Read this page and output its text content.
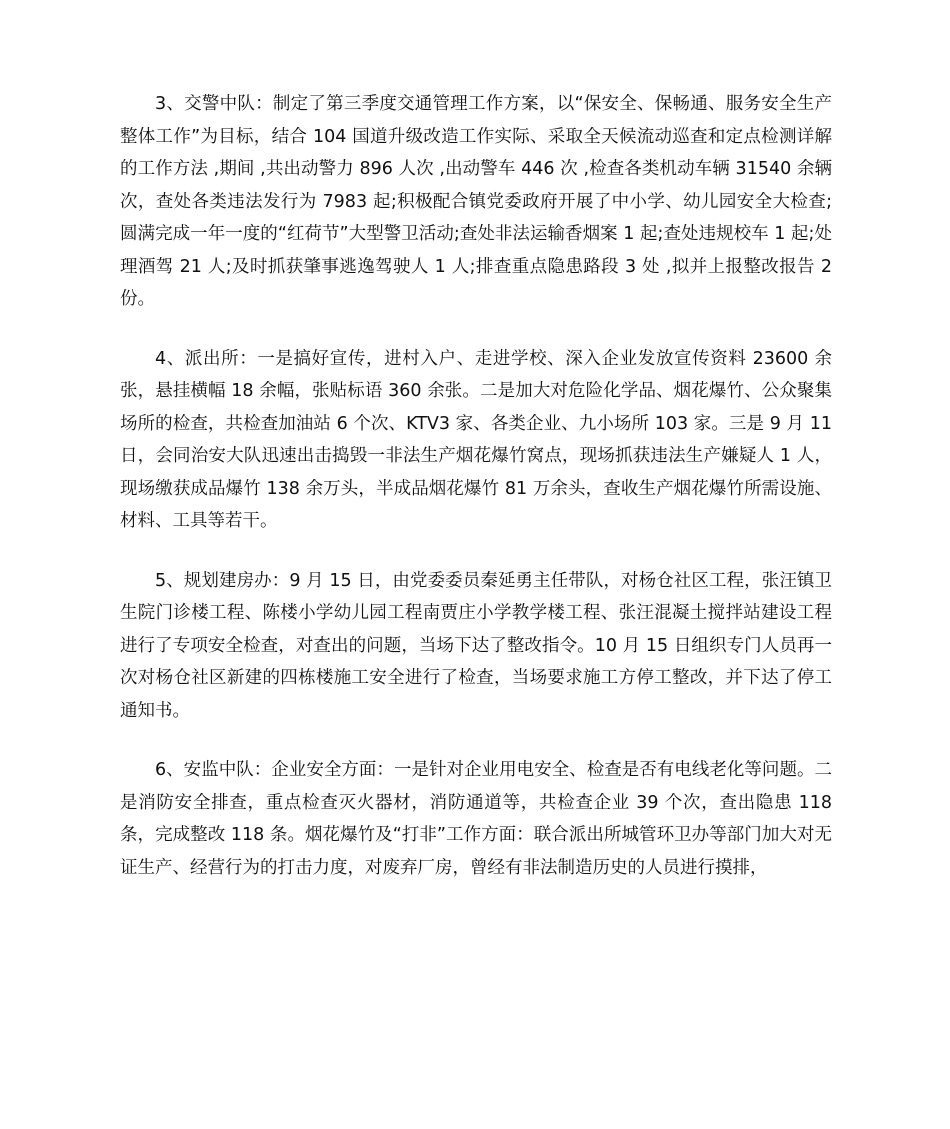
3、交警中队：制定了第三季度交通管理工作方案，以“保安全、保畅通、服务安全生产整体工作”为目标，结合 104 国道升级改造工作实际、采取全天候流动巡查和定点检测详解的工作方法 ,期间 ,共出动警力 896 人次 ,出动警车 446 次 ,检查各类机动车辆 31540 余辆次，查处各类违法发行为 7983 起;积极配合镇党委政府开展了中小学、幼儿园安全大检查;圆满完成一年一度的“红荷节”大型警卫活动;查处非法运输香烟案 1 起;查处违规校车 1 起;处理酒驾 21 人;及时抓获肇事逃逸驾驶人 1 人;排查重点隐患路段 3 处 ,拟并上报整改报告 2 份。

4、派出所：一是搞好宣传，进村入户、走进学校、深入企业发放宣传资料 23600 余张，悬挂横幅 18 余幅，张贴标语 360 余张。二是加大对危险化学品、烟花爆竹、公众聚集场所的检查，共检查加油站 6 个次、KTV3 家、各类企业、九小场所 103 家。三是 9 月 11 日，会同治安大队迅速出击捣毁一非法生产烟花爆竹窝点，现场抓获违法生产嫌疑人 1 人，现场缴获成品爆竹 138 余万头，半成品烟花爆竹 81 万余头，查收生产烟花爆竹所需设施、材料、工具等若干。

5、规划建房办：9 月 15 日，由党委委员秦延勇主任带队，对杨仓社区工程，张汪镇卫生院门诊楼工程、陈楼小学幼儿园工程南贾庄小学教学楼工程、张汪混凝土搅拌站建设工程进行了专项安全检查，对查出的问题，当场下达了整改指令。10 月 15 日组织专门人员再一次对杨仓社区新建的四栋楼施工安全进行了检查，当场要求施工方停工整改，并下达了停工通知书。

6、安监中队：企业安全方面：一是针对企业用电安全、检查是否有电线老化等问题。二是消防安全排查，重点检查灭火器材，消防通道等，共检查企业 39 个次，查出隐患 118 条，完成整改 118 条。烟花爆竹及“打非”工作方面：联合派出所城管环卫办等部门加大对无证生产、经营行为的打击力度，对废弃厂房，曾经有非法制造历史的人员进行摸排，
